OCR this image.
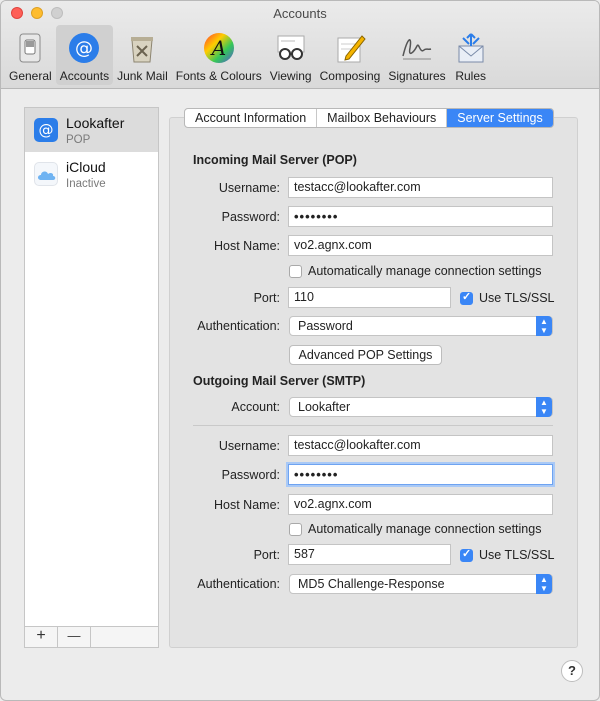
Accounts
General
@
Accounts Junk Mail
A
Fonts & Colours Viewing Composing Signatures Rules
@ Lookafter
POP
iCloud
Inactive
+	—
Account Information	Mailbox Behaviours	Server Settings
Incoming Mail Server (POP)
Username:	testacc@lookafter.com
Password:	••••••••
Host Name:	vo2.agnx.com
Automatically manage connection settings
Port:	110 ✓	Use TLS/SSL
Authentication:	Password	▲
▼
Advanced POP Settings
Outgoing Mail Server (SMTP)
Account:	Lookafter	▲
▼
Username:	testacc@lookafter.com
Password:	••••••••
Host Name:	vo2.agnx.com
Automatically manage connection settings
Port:	587 ✓	Use TLS/SSL
Authentication:	MD5 Challenge-Response	▲
▼
?
